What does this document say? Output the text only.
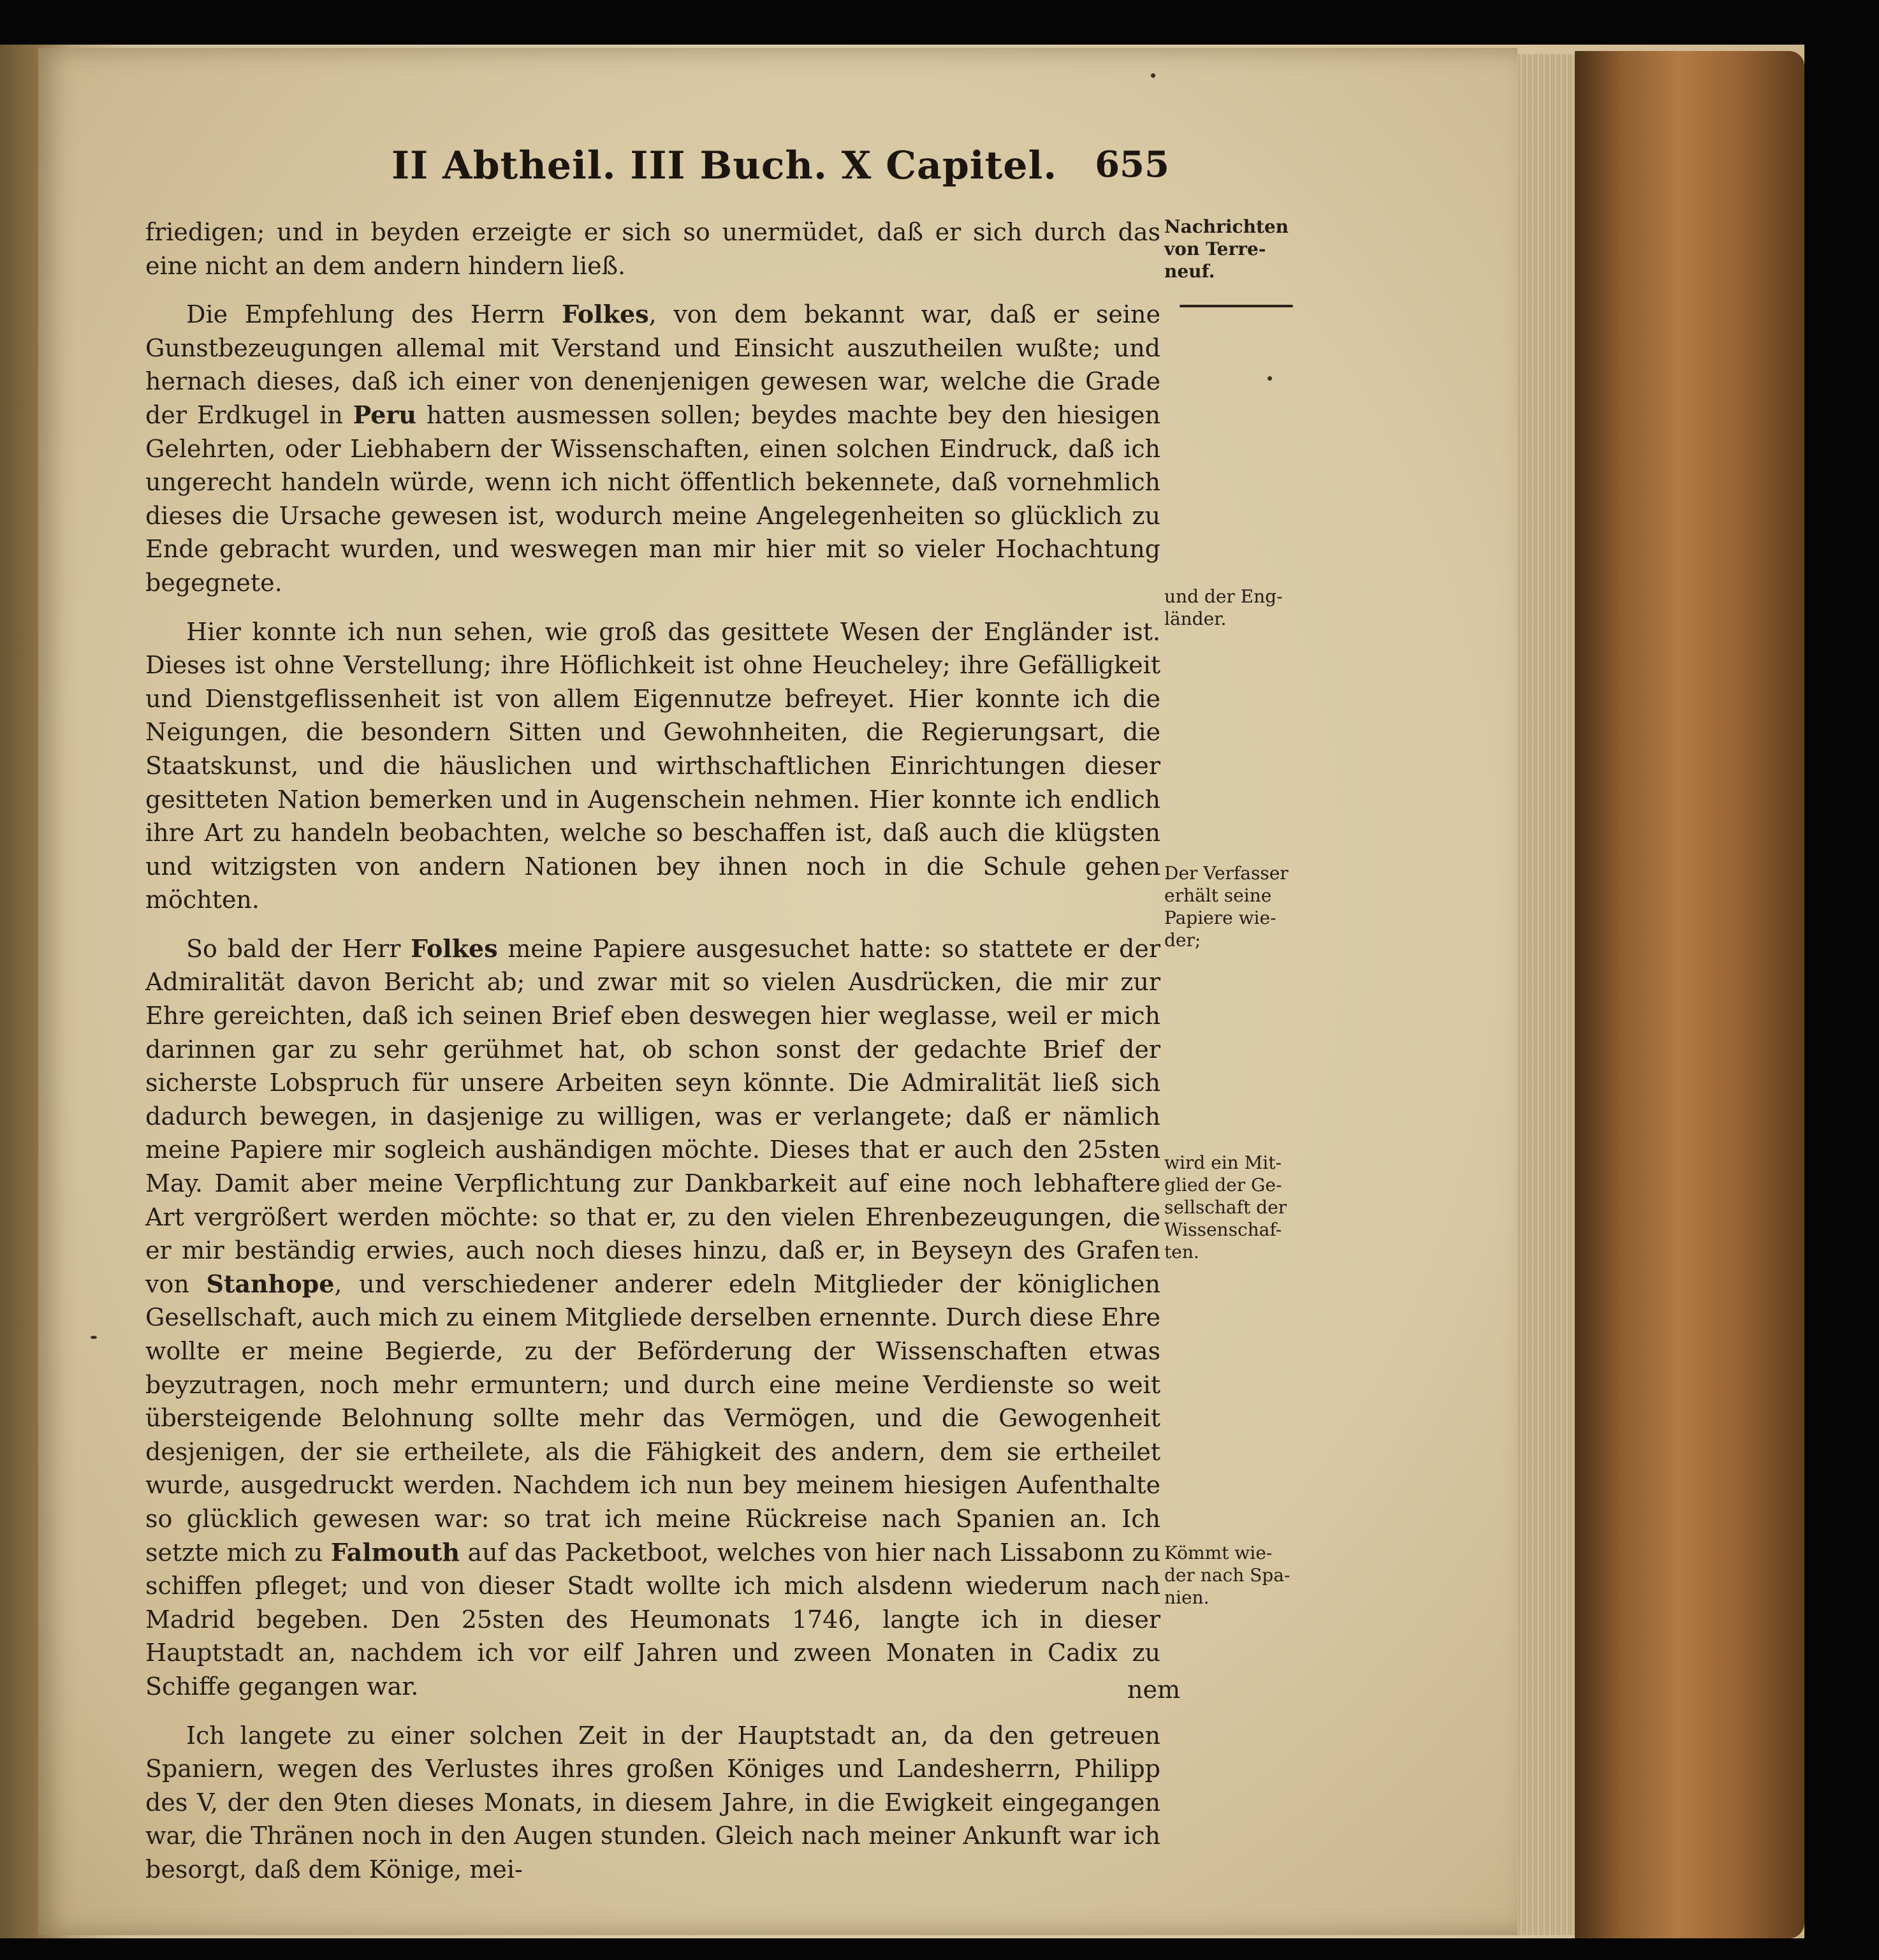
II Abtheil. III Buch. X Capitel. 655

friedigen; und in beyden erzeigte er sich so unermüdet, daß er sich durch das eine nicht an dem andern hindern ließ.

Die Empfehlung des Herrn Folkes, von dem bekannt war, daß er seine Gunstbezeugungen allemal mit Verstand und Einsicht auszutheilen wußte; und hernach dieses, daß ich einer von denenjenigen gewesen war, welche die Grade der Erdkugel in Peru hatten ausmessen sollen; beydes machte bey den hiesigen Gelehrten, oder Liebhabern der Wissenschaften, einen solchen Eindruck, daß ich ungerecht handeln würde, wenn ich nicht öffentlich bekennete, daß vornehmlich dieses die Ursache gewesen ist, wodurch meine Angelegenheiten so glücklich zu Ende gebracht wurden, und weswegen man mir hier mit so vieler Hochachtung begegnete.

Hier konnte ich nun sehen, wie groß das gesittete Wesen der Engländer ist. Dieses ist ohne Verstellung; ihre Höflichkeit ist ohne Heucheley; ihre Gefälligkeit und Dienstgeflissenheit ist von allem Eigennutze befreyet. Hier konnte ich die Neigungen, die besondern Sitten und Gewohnheiten, die Regierungsart, die Staatskunst, und die häuslichen und wirthschaftlichen Einrichtungen dieser gesitteten Nation bemerken und in Augenschein nehmen. Hier konnte ich endlich ihre Art zu handeln beobachten, welche so beschaffen ist, daß auch die klügsten und witzigsten von andern Nationen bey ihnen noch in die Schule gehen möchten.

So bald der Herr Folkes meine Papiere ausgesuchet hatte: so stattete er der Admiralität davon Bericht ab; und zwar mit so vielen Ausdrücken, die mir zur Ehre gereichten, daß ich seinen Brief eben deswegen hier weglasse, weil er mich darinnen gar zu sehr gerühmet hat, ob schon sonst der gedachte Brief der sicherste Lobspruch für unsere Arbeiten seyn könnte. Die Admiralität ließ sich dadurch bewegen, in dasjenige zu willigen, was er verlangete; daß er nämlich meine Papiere mir sogleich aushändigen möchte. Dieses that er auch den 25sten May. Damit aber meine Verpflichtung zur Dankbarkeit auf eine noch lebhaftere Art vergrößert werden möchte: so that er, zu den vielen Ehrenbezeugungen, die er mir beständig erwies, auch noch dieses hinzu, daß er, in Beyseyn des Grafen von Stanhope, und verschiedener anderer edeln Mitglieder der königlichen Gesellschaft, auch mich zu einem Mitgliede derselben ernennte. Durch diese Ehre wollte er meine Begierde, zu der Beförderung der Wissenschaften etwas beyzutragen, noch mehr ermuntern; und durch eine meine Verdienste so weit übersteigende Belohnung sollte mehr das Vermögen, und die Gewogenheit desjenigen, der sie ertheilete, als die Fähigkeit des andern, dem sie ertheilet wurde, ausgedruckt werden. Nachdem ich nun bey meinem hiesigen Aufenthalte so glücklich gewesen war: so trat ich meine Rückreise nach Spanien an. Ich setzte mich zu Falmouth auf das Packetboot, welches von hier nach Lissabonn zu schiffen pfleget; und von dieser Stadt wollte ich mich alsdenn wiederum nach Madrid begeben. Den 25sten des Heumonats 1746, langte ich in dieser Hauptstadt an, nachdem ich vor eilf Jahren und zween Monaten in Cadix zu Schiffe gegangen war.

Ich langete zu einer solchen Zeit in der Hauptstadt an, da den getreuen Spaniern, wegen des Verlustes ihres großen Königes und Landesherrn, Philipp des V, der den 9ten dieses Monats, in diesem Jahre, in die Ewigkeit eingegangen war, die Thränen noch in den Augen stunden. Gleich nach meiner Ankunft war ich besorgt, daß dem Könige, mei-

Nachrichten
von Terre-
neuf.
und der Eng-
länder.
Der Verfasser
erhält seine
Papiere wie-
der;
wird ein Mit-
glied der Ge-
sellschaft der
Wissenschaf-
ten.
Kömmt wie-
der nach Spa-
nien.
nem
